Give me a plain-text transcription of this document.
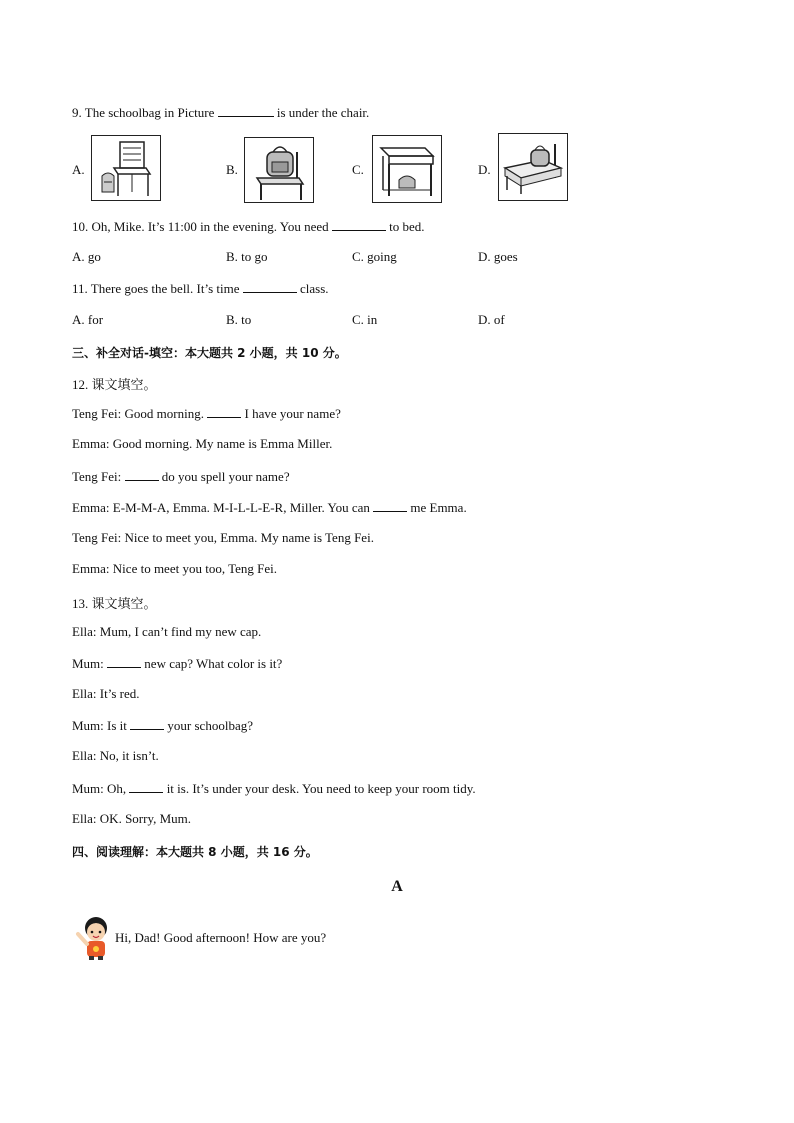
9. The schoolbag in Picture	is under the chair.
A.	B.	C.	D.
10. Oh, Mike. It’s 11:00 in the evening. You need	to bed.
A. go	B. to go	C. going	D. goes
11. There goes the bell. It’s time	class.
A. for	B. to	C. in	D. of
三、补全对话-填空：本大题共 2 小题，共 10 分。
12. 课文填空。
Teng Fei: Good morning.	I have your name?
Emma: Good morning. My name is Emma Miller.
Teng Fei:	do you spell your name?
Emma: E-M-M-A, Emma. M-I-L-L-E-R, Miller. You can	me Emma.
Teng Fei: Nice to meet you, Emma. My name is Teng Fei.
Emma: Nice to meet you too, Teng Fei.
13. 课文填空。
Ella: Mum, I can’t find my new cap.
Mum:	new cap? What color is it?
Ella: It’s red.
Mum: Is it	your schoolbag?
Ella: No, it isn’t.
Mum: Oh,	it is. It’s under your desk. You need to keep your room tidy.
Ella: OK. Sorry, Mum.
四、阅读理解：本大题共 8 小题，共 16 分。
A
Hi, Dad! Good afternoon! How are you?
